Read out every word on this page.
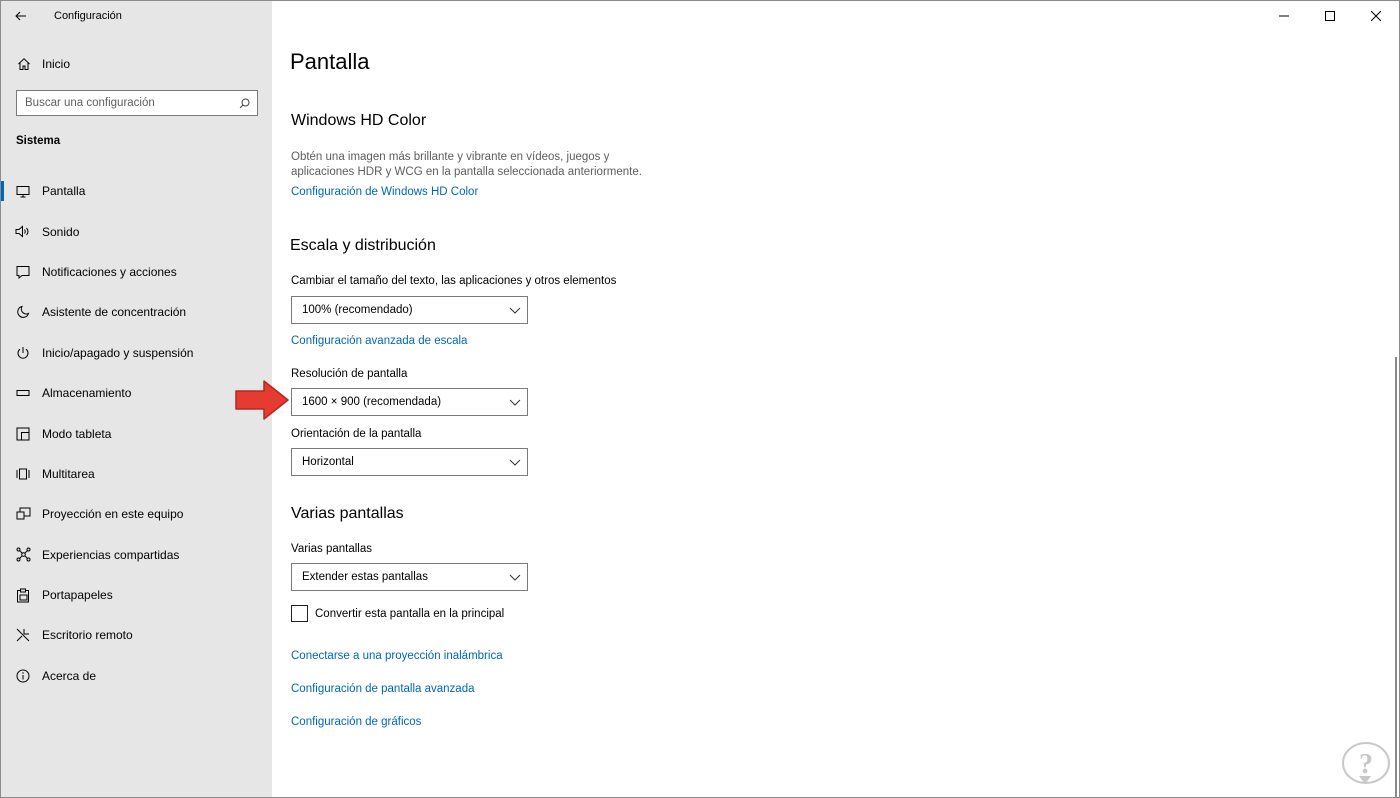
Configuración
Inicio
Buscar una configuración
Sistema
Pantalla
Sonido
Notificaciones y acciones
Asistente de concentración
Inicio/apagado y suspensión
Almacenamiento
Modo tableta
Multitarea
Proyección en este equipo
Experiencias compartidas
Portapapeles
Escritorio remoto
Acerca de
Pantalla
Windows HD Color
Obtén una imagen más brillante y vibrante en vídeos, juegos y aplicaciones HDR y WCG en la pantalla seleccionada anteriormente.
Configuración de Windows HD Color
Escala y distribución
Cambiar el tamaño del texto, las aplicaciones y otros elementos
100% (recomendado)
Configuración avanzada de escala
Resolución de pantalla
1600 × 900 (recomendada)
Orientación de la pantalla
Horizontal
Varias pantallas
Varias pantallas
Extender estas pantallas
Convertir esta pantalla en la principal
Conectarse a una proyección inalámbrica
Configuración de pantalla avanzada
Configuración de gráficos
?
